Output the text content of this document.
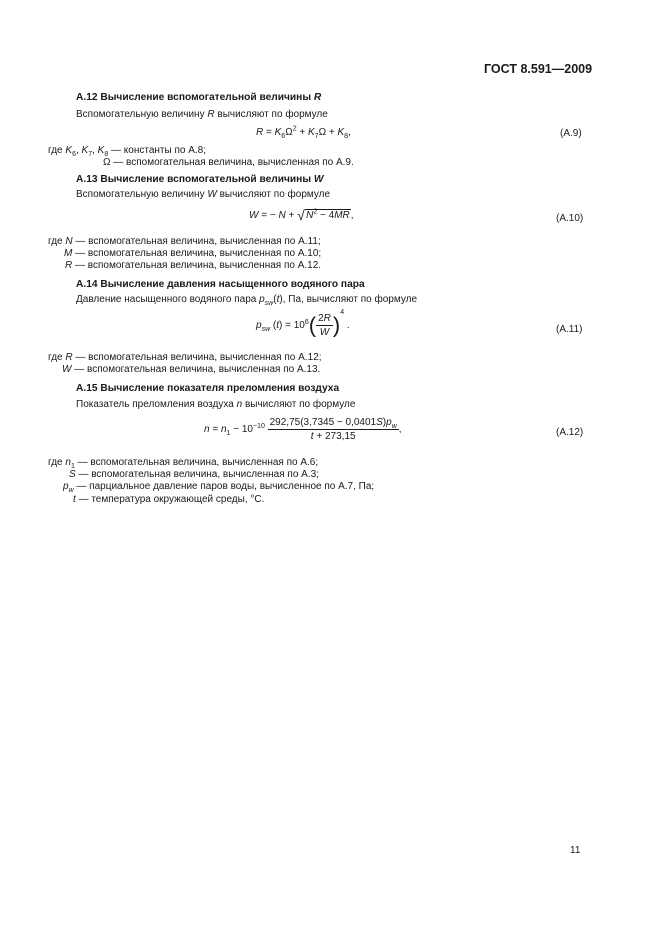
ГОСТ 8.591—2009
А.12 Вычисление вспомогательной величины R
Вспомогательную величину R вычисляют по формуле
$R = K_6\Omega^2 + K_7\Omega + K_8$,	(А.9)
где $K_6$, $K_7$, $K_8$ — константы по А.8;
Ω — вспомогательная величина, вычисленная по А.9.
А.13 Вычисление вспомогательной величины W
Вспомогательную величину W вычисляют по формуле
W = − N + √ $N^2 - 4MR$,	(А.10)
где N — вспомогательная величина, вычисленная по А.11;
M — вспомогательная величина, вычисленная по А.10;
R — вспомогательная величина, вычисленная по А.12.
А.14 Вычисление давления насыщенного водяного пара
Давление насыщенного водяного пара $p_{sw}(t)$, Па, вычисляют по формуле
$p_{sw}$ $(t) = 10^6( \frac{2R}{W} )^4$ .	(А.11)
где R — вспомогательная величина, вычисленная по А.12;
W — вспомогательная величина, вычисленная по А.13.
А.15 Вычисление показателя преломления воздуха
Показатель преломления воздуха n вычисляют по формуле
$n = n_1 - 10^{-10} \frac{292,75(3,7345 - 0,0401S)p_w}{t + 273,15}$ ,	(А.12)
где $n_1$ — вспомогательная величина, вычисленная по А.6;
S — вспомогательная величина, вычисленная по А.3;
$p_w$ — парциальное давление паров воды, вычисленное по А.7, Па;
t — температура окружающей среды, °С.
11
